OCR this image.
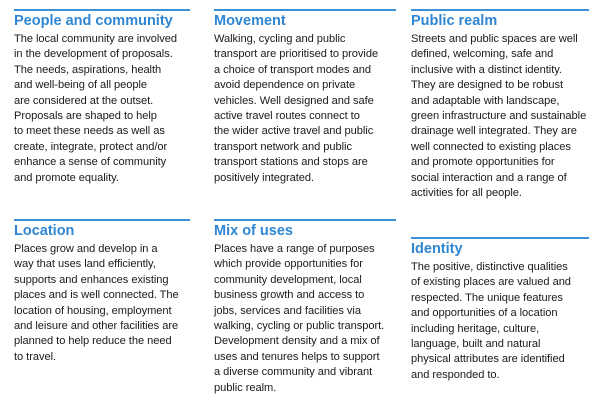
People and community

The local community are involved
in the development of proposals.
The needs, aspirations, health
and well-being of all people
are considered at the outset.
Proposals are shaped to help
to meet these needs as well as
create, integrate, protect and/or
enhance a sense of community
and promote equality.

Movement

Walking, cycling and public
transport are prioritised to provide
a choice of transport modes and
avoid dependence on private
vehicles. Well designed and safe
active travel routes connect to
the wider active travel and public
transport network and public
transport stations and stops are
positively integrated.

Public realm

Streets and public spaces are well
defined, welcoming, safe and
inclusive with a distinct identity.
They are designed to be robust
and adaptable with landscape,
green infrastructure and sustainable
drainage well integrated. They are
well connected to existing places
and promote opportunities for
social interaction and a range of
activities for all people.

Location

Places grow and develop in a
way that uses land efficiently,
supports and enhances existing
places and is well connected. The
location of housing, employment
and leisure and other facilities are
planned to help reduce the need
to travel.

Mix of uses

Places have a range of purposes
which provide opportunities for
community development, local
business growth and access to
jobs, services and facilities via
walking, cycling or public transport.
Development density and a mix of
uses and tenures helps to support
a diverse community and vibrant
public realm.

Identity

The positive, distinctive qualities
of existing places are valued and
respected. The unique features
and opportunities of a location
including heritage, culture,
language, built and natural
physical attributes are identified
and responded to.
